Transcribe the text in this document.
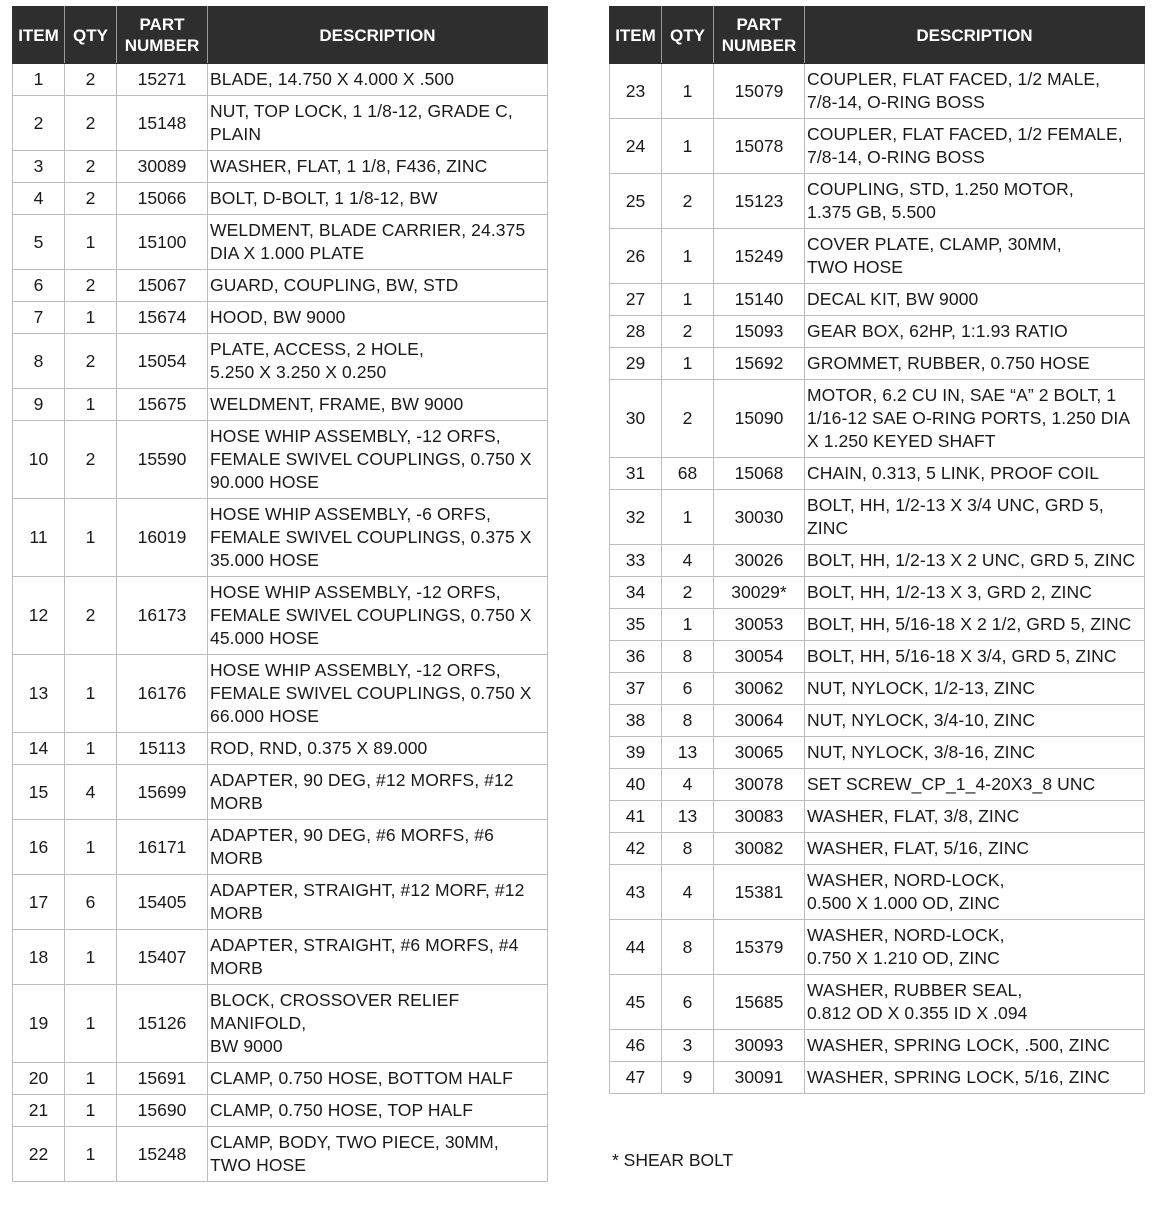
ITEM	QTY	PART
NUMBER	DESCRIPTION
1	2	15271	BLADE, 14.750 X 4.000 X .500

2	2	15148	NUT, TOP LOCK, 1 1/8-12, GRADE C,
PLAIN

3	2	30089	WASHER, FLAT, 1 1/8, F436, ZINC

4	2	15066	BOLT, D-BOLT, 1 1/8-12, BW

5	1	15100	WELDMENT, BLADE CARRIER, 24.375
DIA X 1.000 PLATE

6	2	15067	GUARD, COUPLING, BW, STD

7	1	15674	HOOD, BW 9000

8	2	15054	PLATE, ACCESS, 2 HOLE,
5.250 X 3.250 X 0.250

9	1	15675	WELDMENT, FRAME, BW 9000

10	2	15590	HOSE WHIP ASSEMBLY, -12 ORFS,
FEMALE SWIVEL COUPLINGS, 0.750 X
90.000 HOSE

11	1	16019	HOSE WHIP ASSEMBLY, -6 ORFS,
FEMALE SWIVEL COUPLINGS, 0.375 X
35.000 HOSE

12	2	16173	HOSE WHIP ASSEMBLY, -12 ORFS,
FEMALE SWIVEL COUPLINGS, 0.750 X
45.000 HOSE

13	1	16176	HOSE WHIP ASSEMBLY, -12 ORFS,
FEMALE SWIVEL COUPLINGS, 0.750 X
66.000 HOSE

14	1	15113	ROD, RND, 0.375 X 89.000

15	4	15699	ADAPTER, 90 DEG, #12 MORFS, #12
MORB

16	1	16171	ADAPTER, 90 DEG, #6 MORFS, #6
MORB

17	6	15405	ADAPTER, STRAIGHT, #12 MORF, #12
MORB

18	1	15407	ADAPTER, STRAIGHT, #6 MORFS, #4
MORB

19	1	15126	BLOCK, CROSSOVER RELIEF MANIFOLD,
BW 9000

20	1	15691	CLAMP, 0.750 HOSE, BOTTOM HALF

21	1	15690	CLAMP, 0.750 HOSE, TOP HALF

22	1	15248	CLAMP, BODY, TWO PIECE, 30MM,
TWO HOSE
ITEM	QTY	PART
NUMBER	DESCRIPTION
23	1	15079	COUPLER, FLAT FACED, 1/2 MALE,
7/8-14, O-RING BOSS

24	1	15078	COUPLER, FLAT FACED, 1/2 FEMALE,
7/8-14, O-RING BOSS

25	2	15123	COUPLING, STD, 1.250 MOTOR,
1.375 GB, 5.500

26	1	15249	COVER PLATE, CLAMP, 30MM,
TWO HOSE

27	1	15140	DECAL KIT, BW 9000

28	2	15093	GEAR BOX, 62HP, 1:1.93 RATIO

29	1	15692	GROMMET, RUBBER, 0.750 HOSE

30	2	15090	MOTOR, 6.2 CU IN, SAE “A” 2 BOLT, 1
1/16-12 SAE O-RING PORTS, 1.250 DIA
X 1.250 KEYED SHAFT

31	68	15068	CHAIN, 0.313, 5 LINK, PROOF COIL

32	1	30030	BOLT, HH, 1/2-13 X 3/4 UNC, GRD 5,
ZINC

33	4	30026	BOLT, HH, 1/2-13 X 2 UNC, GRD 5, ZINC

34	2	30029*	BOLT, HH, 1/2-13 X 3, GRD 2, ZINC

35	1	30053	BOLT, HH, 5/16-18 X 2 1/2, GRD 5, ZINC

36	8	30054	BOLT, HH, 5/16-18 X 3/4, GRD 5, ZINC

37	6	30062	NUT, NYLOCK, 1/2-13, ZINC

38	8	30064	NUT, NYLOCK, 3/4-10, ZINC

39	13	30065	NUT, NYLOCK, 3/8-16, ZINC

40	4	30078	SET SCREW_CP_1_4-20X3_8 UNC

41	13	30083	WASHER, FLAT, 3/8, ZINC

42	8	30082	WASHER, FLAT, 5/16, ZINC

43	4	15381	WASHER, NORD-LOCK,
0.500 X 1.000 OD, ZINC

44	8	15379	WASHER, NORD-LOCK,
0.750 X 1.210 OD, ZINC

45	6	15685	WASHER, RUBBER SEAL,
0.812 OD X 0.355 ID X .094

46	3	30093	WASHER, SPRING LOCK, .500, ZINC

47	9	30091	WASHER, SPRING LOCK, 5/16, ZINC
* SHEAR BOLT
